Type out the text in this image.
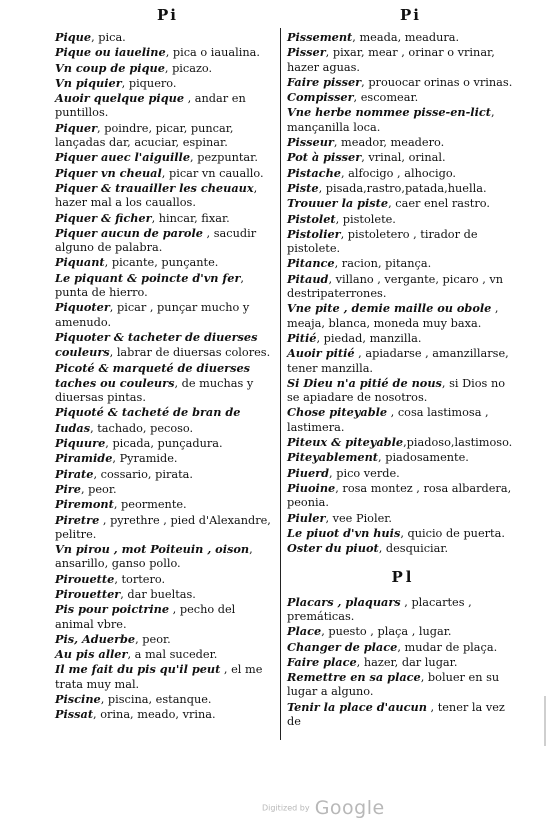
Pi	Pi

Pique, pica.

Pique ou iaueline, pica o iaualina.

Vn coup de pique, picazo.

Vn piquier, piquero.

Auoir quelque pique , andar en puntillos.

Piquer, poindre, picar, puncar, lançadas dar, acuciar, espinar.

Piquer auec l'aiguille, pezpuntar.

Piquer vn cheual, picar vn cauallo.

Piquer & trauailler les cheuaux, hazer mal a los cauallos.

Piquer & ficher, hincar, fixar.

Piquer aucun de parole , sacudir alguno de palabra.

Piquant, picante, punçante.

Le piquant & poincte d'vn fer, punta de hierro.

Piquoter, picar , punçar mucho y amenudo.

Piquoter & tacheter de diuerses couleurs, labrar de diuersas colores.

Picoté & marqueté de diuerses taches ou couleurs, de muchas y diuersas pintas.

Piquoté & tacheté de bran de Iudas, tachado, pecoso.

Piquure, picada, punçadura.

Piramide, Pyramide.

Pirate, cossario, pirata.

Pire, peor.

Piremont, peormente.

Piretre , pyrethre , pied d'Alexandre, pelitre.

Vn pirou , mot Poiteuin , oison, ansarillo, ganso pollo.

Pirouette, tortero.

Pirouetter, dar bueltas.

Pis pour poictrine , pecho del animal vbre.

Pis, Aduerbe, peor.

Au pis aller, a mal suceder.

Il me fait du pis qu'il peut , el me trata muy mal.

Piscine, piscina, estanque.

Pissat, orina, meado, vrina.

Pissement, meada, meadura.

Pisser, pixar, mear , orinar o vrinar, hazer aguas.

Faire pisser, prouocar orinas o vrinas.

Compisser, escomear.

Vne herbe nommee pisse-en-lict, mançanilla loca.

Pisseur, meador, meadero.

Pot à pisser, vrinal, orinal.

Pistache, alfocigo , alhocigo.

Piste, pisada,rastro,patada,huella.

Trouuer la piste, caer enel rastro.

Pistolet, pistolete.

Pistolier, pistoletero , tirador de pistolete.

Pitance, racion, pitança.

Pitaud, villano , vergante, picaro , vn destripaterrones.

Vne pite , demie maille ou obole , meaja, blanca, moneda muy baxa.

Pitié, piedad, manzilla.

Auoir pitié , apiadarse , amanzillarse, tener manzilla.

Si Dieu n'a pitié de nous, si Dios no se apiadare de nosotros.

Chose piteyable , cosa lastimosa , lastimera.

Piteux & piteyable,piadoso,lastimoso.

Piteyablement, piadosamente.

Piuerd, pico verde.

Piuoine, rosa montez , rosa albardera, peonia.

Piuler, vee Pioler.

Le piuot d'vn huis, quicio de puerta.

Oster du piuot, desquiciar.

Pl

Placars , plaquars , placartes , premáticas.

Place, puesto , plaça , lugar.

Changer de place, mudar de plaça.

Faire place, hazer, dar lugar.

Remettre en sa place, boluer en su lugar a alguno.

Tenir la place d'aucun , tener la vez de

Digitized by Google
